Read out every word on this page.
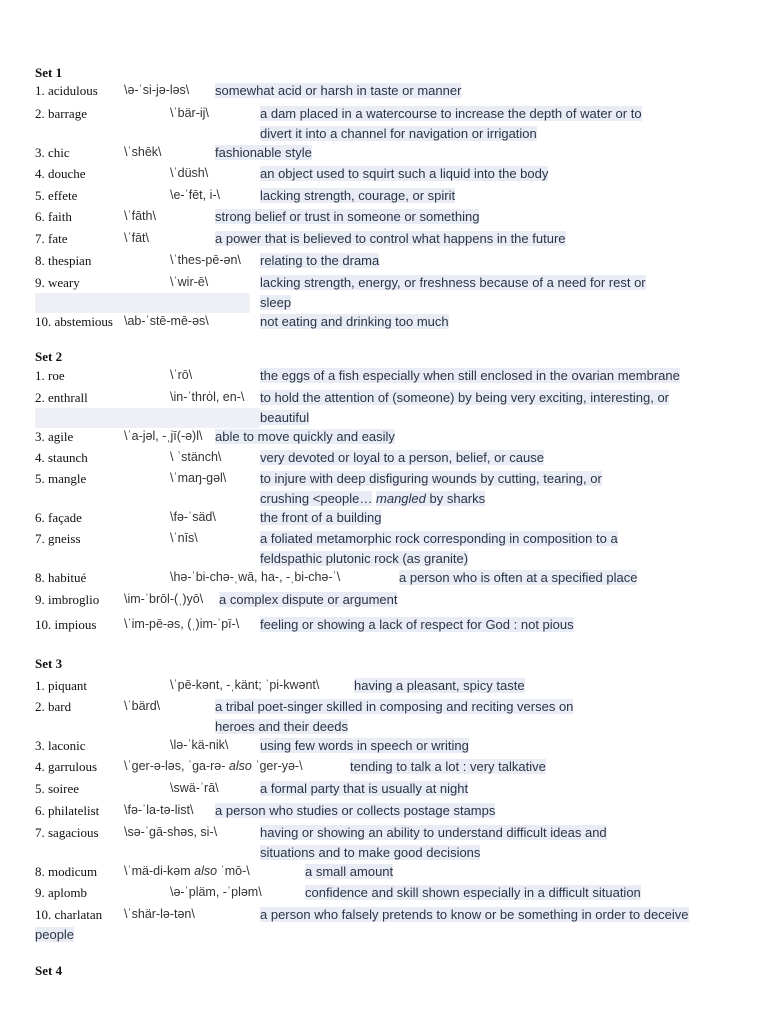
Set 1
1. acidulous \ə-ˈsi-jə-ləs\ somewhat acid or harsh in taste or manner
2. barrage	\ˈbär-ij\	a dam placed in a watercourse to increase the depth of water or to
divert it into a channel for navigation or irrigation
3. chic	\ˈshēk\	fashionable style
4. douche	\ˈdüsh\	an object used to squirt such a liquid into the body
5. effete	\e-ˈfēt, i-\	lacking strength, courage, or spirit
6. faith	\ˈfāth\	strong belief or trust in someone or something
7. fate	\ˈfāt\	a power that is believed to control what happens in the future
8. thespian	\ˈthes-pē-ən\ relating to the drama
9. weary	\ˈwir-ē\	lacking strength, energy, or freshness because of a need for rest or
sleep
10. abstemious \ab-ˈstē-mē-əs\	not eating and drinking too much
Set 2
1. roe	\ˈrō\	the eggs of a fish especially when still enclosed in the ovarian membrane
2. enthrall	\in-ˈthrȯl, en-\ to hold the attention of (someone) by being very exciting, interesting, or
beautiful
3. agile	\ˈa-jəl, -ˌjī(-ə)l\ able to move quickly and easily
4. staunch	\ ˈstänch\	very devoted or loyal to a person, belief, or cause
5. mangle	\ˈmaŋ-gəl\	to injure with deep disfiguring wounds by cutting, tearing, or
crushing <people… mangled by sharks
6. façade	\fə-ˈsäd\	the front of a building
7. gneiss	\ˈnīs\	a foliated metamorphic rock corresponding in composition to a
feldspathic plutonic rock (as granite)
8. habitué	\hə-ˈbi-chə-ˌwā, ha-, -ˌbi-chə-ˈ\	a person who is often at a specified place
9. imbroglio \im-ˈbrōl-(ˌ)yō\ a complex dispute or argument
10. impious \ˈim-pē-əs, (ˌ)im-ˈpī-\ feeling or showing a lack of respect for God : not pious
Set 3
1. piquant	\ˈpē-kənt, -ˌkänt; ˈpi-kwənt\	having a pleasant, spicy taste
2. bard	\ˈbärd\	a tribal poet-singer skilled in composing and reciting verses on
heroes and their deeds
3. laconic	\lə-ˈkä-nik\ using few words in speech or writing
4. garrulous \ˈger-ə-ləs, ˈga-rə- also ˈger-yə-\	tending to talk a lot : very talkative
5. soiree	\swä-ˈrā\	a formal party that is usually at night
6. philatelist \fə-ˈla-tə-list\ a person who studies or collects postage stamps
7. sagacious \sə-ˈgā-shəs, si-\	having or showing an ability to understand difficult ideas and
situations and to make good decisions
8. modicum \ˈmä-di-kəm also ˈmō-\	a small amount
9. aplomb	\ə-ˈpläm, -ˈpləm\	confidence and skill shown especially in a difficult situation
10. charlatan \ˈshär-lə-tən\	a person who falsely pretends to know or be something in order to deceive
people
Set 4
